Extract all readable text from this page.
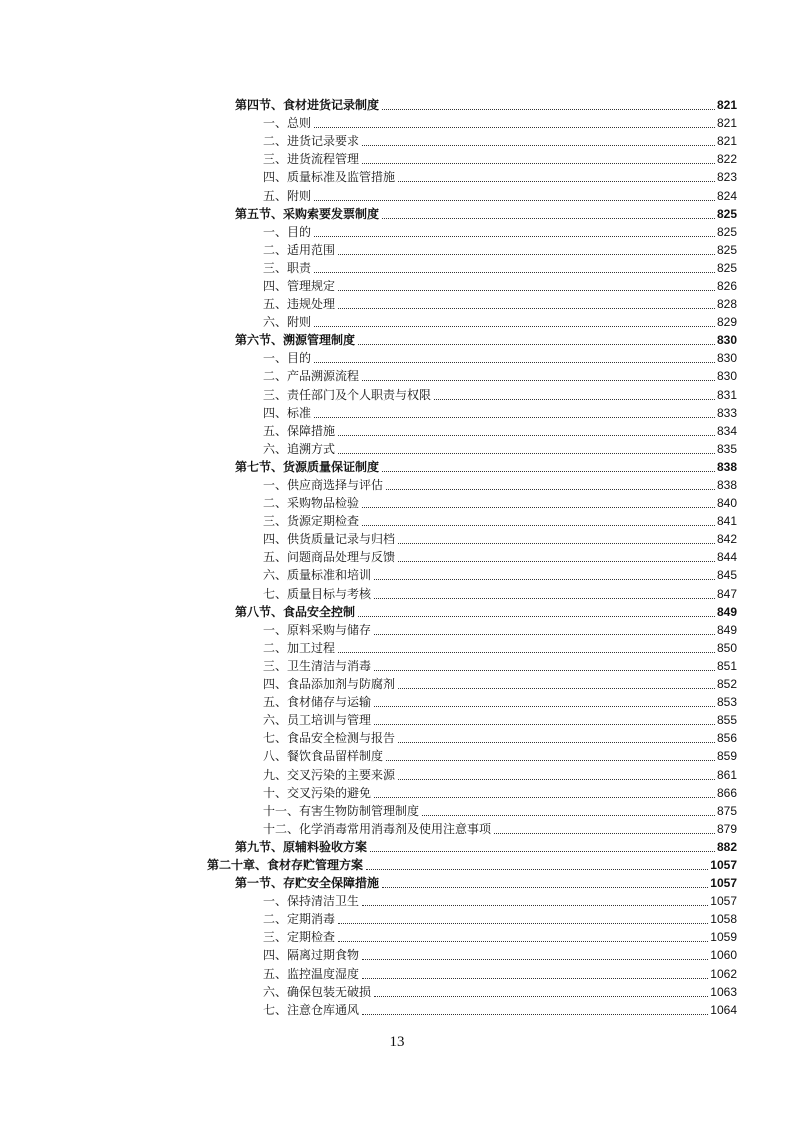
第四节、食材进货记录制度	821
一、总则	821
二、进货记录要求	821
三、进货流程管理	822
四、质量标准及监管措施	823
五、附则	824
第五节、采购索要发票制度	825
一、目的	825
二、适用范围	825
三、职责	825
四、管理规定	826
五、违规处理	828
六、附则	829
第六节、溯源管理制度	830
一、目的	830
二、产品溯源流程	830
三、责任部门及个人职责与权限	831
四、标准	833
五、保障措施	834
六、追溯方式	835
第七节、货源质量保证制度	838
一、供应商选择与评估	838
二、采购物品检验	840
三、货源定期检查	841
四、供货质量记录与归档	842
五、问题商品处理与反馈	844
六、质量标准和培训	845
七、质量目标与考核	847
第八节、食品安全控制	849
一、原料采购与储存	849
二、加工过程	850
三、卫生清洁与消毒	851
四、食品添加剂与防腐剂	852
五、食材储存与运输	853
六、员工培训与管理	855
七、食品安全检测与报告	856
八、餐饮食品留样制度	859
九、交叉污染的主要来源	861
十、交叉污染的避免	866
十一、有害生物防制管理制度	875
十二、化学消毒常用消毒剂及使用注意事项	879
第九节、原辅料验收方案	882
第二十章、食材存贮管理方案	1057
第一节、存贮安全保障措施	1057
一、保持清洁卫生	1057
二、定期消毒	1058
三、定期检查	1059
四、隔离过期食物	1060
五、监控温度湿度	1062
六、确保包装无破损	1063
七、注意仓库通风	1064
13
